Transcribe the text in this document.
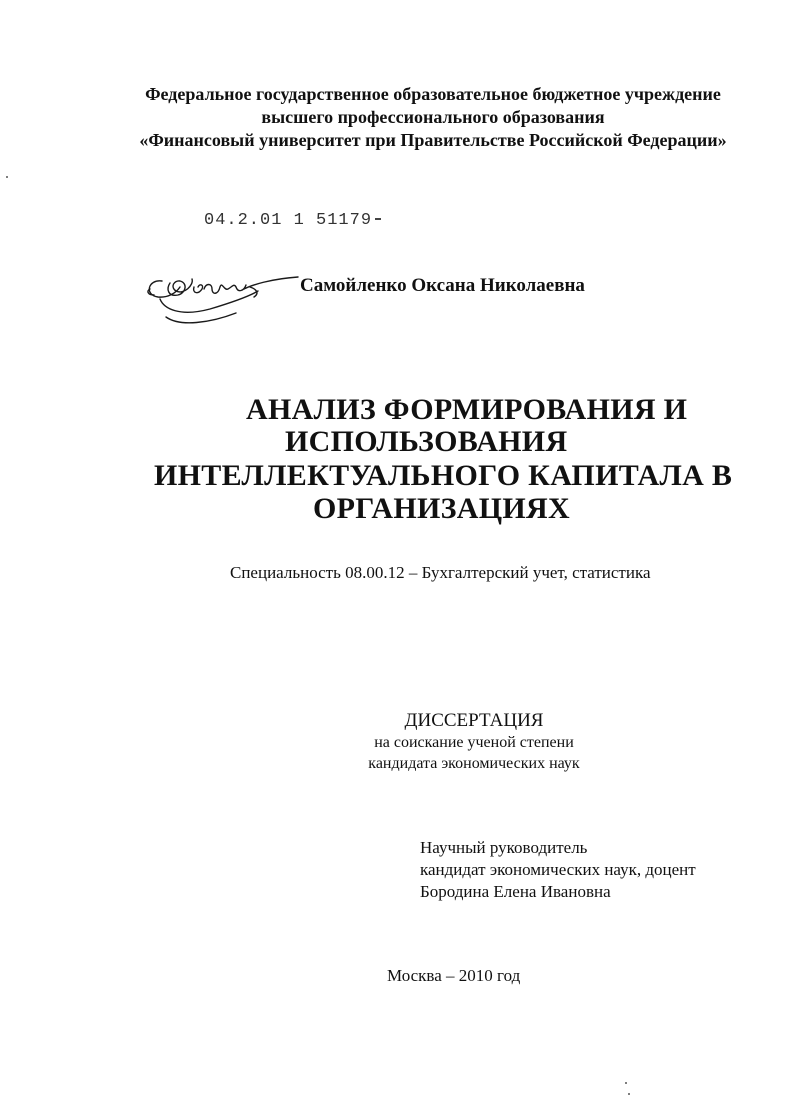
Федеральное государственное образовательное бюджетное учреждение
высшего профессионального образования
«Финансовый университет при Правительстве Российской Федерации»
04.2.01 1 51179
Самойленко Оксана Николаевна
АНАЛИЗ ФОРМИРОВАНИЯ И
ИСПОЛЬЗОВАНИЯ
ИНТЕЛЛЕКТУАЛЬНОГО КАПИТАЛА В
ОРГАНИЗАЦИЯХ
Специальность 08.00.12 – Бухгалтерский учет, статистика
ДИССЕРТАЦИЯ
на соискание ученой степени
кандидата экономических наук
Научный руководитель
кандидат экономических наук, доцент
Бородина Елена Ивановна
Москва – 2010 год
